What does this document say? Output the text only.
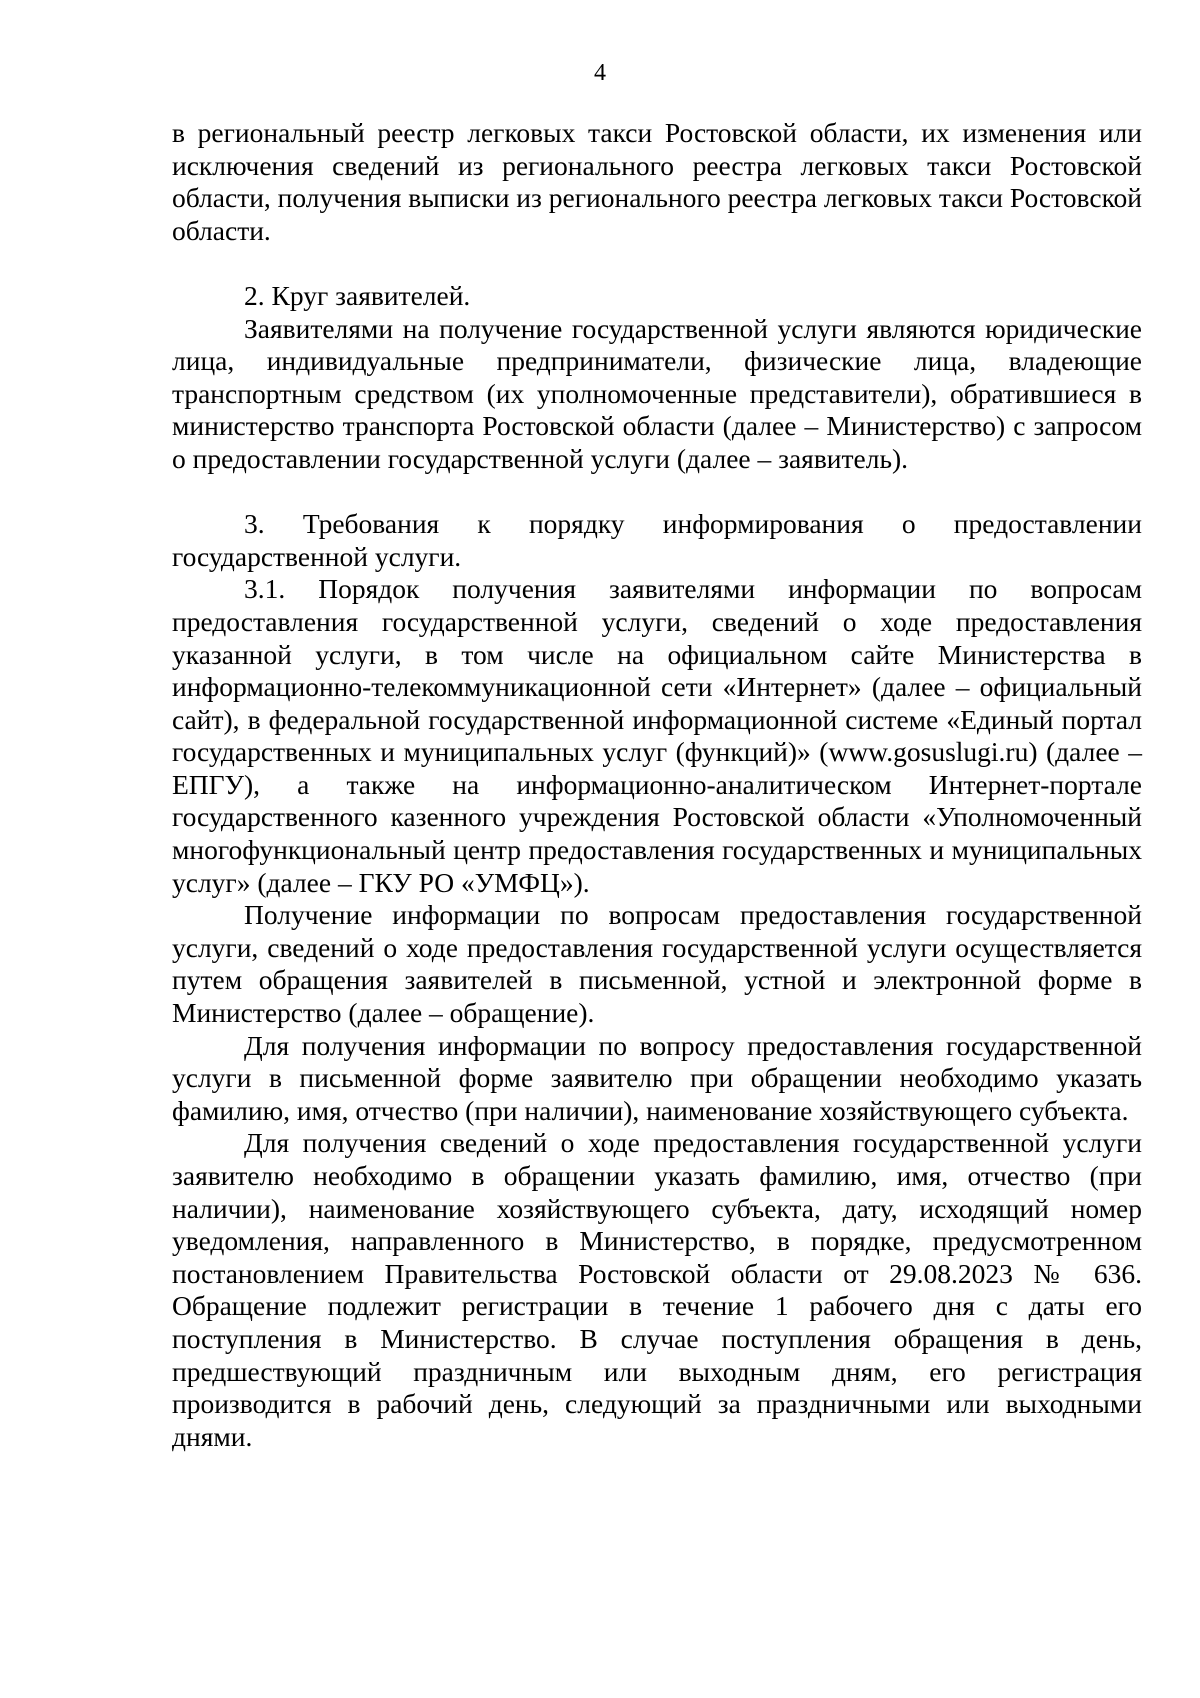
4

в региональный реестр легковых такси Ростовской области, их изменения или исключения сведений из регионального реестра легковых такси Ростовской области, получения выписки из регионального реестра легковых такси Ростовской области.

2. Круг заявителей.

Заявителями на получение государственной услуги являются юридические лица, индивидуальные предприниматели, физические лица, владеющие транспортным средством (их уполномоченные представители), обратившиеся в министерство транспорта Ростовской области (далее – Министерство) с запросом о предоставлении государственной услуги (далее – заявитель).

3. Требования к порядку информирования о предоставлении государственной услуги.

3.1. Порядок получения заявителями информации по вопросам предоставления государственной услуги, сведений о ходе предоставления указанной услуги, в том числе на официальном сайте Министерства в информационно-телекоммуникационной сети «Интернет» (далее – официальный сайт), в федеральной государственной информационной системе «Единый портал государственных и муниципальных услуг (функций)» (www.gosuslugi.ru) (далее – ЕПГУ), а также на информационно-аналитическом Интернет-портале государственного казенного учреждения Ростовской области «Уполномоченный многофункциональный центр предоставления государственных и муниципальных услуг» (далее – ГКУ РО «УМФЦ»).

Получение информации по вопросам предоставления государственной услуги, сведений о ходе предоставления государственной услуги осуществляется путем обращения заявителей в письменной, устной и электронной форме в Министерство (далее – обращение).

Для получения информации по вопросу предоставления государственной услуги в письменной форме заявителю при обращении необходимо указать фамилию, имя, отчество (при наличии), наименование хозяйствующего субъекта.

Для получения сведений о ходе предоставления государственной услуги заявителю необходимо в обращении указать фамилию, имя, отчество (при наличии), наименование хозяйствующего субъекта, дату, исходящий номер уведомления, направленного в Министерство, в порядке, предусмотренном постановлением Правительства Ростовской области от 29.08.2023 № 636. Обращение подлежит регистрации в течение 1 рабочего дня с даты его поступления в Министерство. В случае поступления обращения в день, предшествующий праздничным или выходным дням, его регистрация производится в рабочий день, следующий за праздничными или выходными днями.
